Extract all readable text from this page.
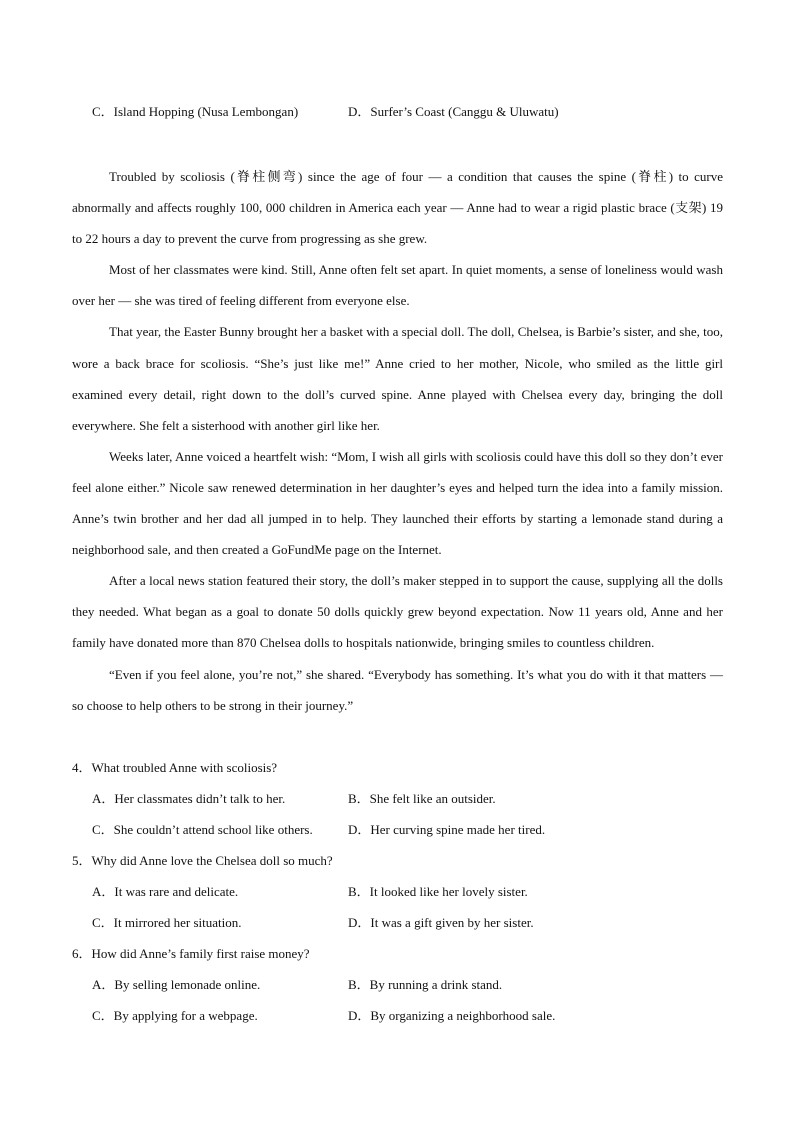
C．Island Hopping (Nusa Lembongan)	D．Surfer’s Coast (Canggu & Uluwatu)

Troubled by scoliosis (脊柱侧弯) since the age of four — a condition that causes the spine (脊柱) to curve abnormally and affects roughly 100, 000 children in America each year — Anne had to wear a rigid plastic brace (支架) 19 to 22 hours a day to prevent the curve from progressing as she grew.

Most of her classmates were kind. Still, Anne often felt set apart. In quiet moments, a sense of loneliness would wash over her — she was tired of feeling different from everyone else.

That year, the Easter Bunny brought her a basket with a special doll. The doll, Chelsea, is Barbie’s sister, and she, too, wore a back brace for scoliosis. “She’s just like me!” Anne cried to her mother, Nicole, who smiled as the little girl examined every detail, right down to the doll’s curved spine. Anne played with Chelsea every day, bringing the doll everywhere. She felt a sisterhood with another girl like her.

Weeks later, Anne voiced a heartfelt wish: “Mom, I wish all girls with scoliosis could have this doll so they don’t ever feel alone either.” Nicole saw renewed determination in her daughter’s eyes and helped turn the idea into a family mission. Anne’s twin brother and her dad all jumped in to help. They launched their efforts by starting a lemonade stand during a neighborhood sale, and then created a GoFundMe page on the Internet.

After a local news station featured their story, the doll’s maker stepped in to support the cause, supplying all the dolls they needed. What began as a goal to donate 50 dolls quickly grew beyond expectation. Now 11 years old, Anne and her family have donated more than 870 Chelsea dolls to hospitals nationwide, bringing smiles to countless children.

“Even if you feel alone, you’re not,” she shared. “Everybody has something. It’s what you do with it that matters — so choose to help others to be strong in their journey.”

4．What troubled Anne with scoliosis?
A．Her classmates didn’t talk to her.	B．She felt like an outsider.
C．She couldn’t attend school like others.	D．Her curving spine made her tired.
5．Why did Anne love the Chelsea doll so much?
A．It was rare and delicate.	B．It looked like her lovely sister.
C．It mirrored her situation.	D．It was a gift given by her sister.
6．How did Anne’s family first raise money?
A．By selling lemonade online.	B．By running a drink stand.
C．By applying for a webpage.	D．By organizing a neighborhood sale.
